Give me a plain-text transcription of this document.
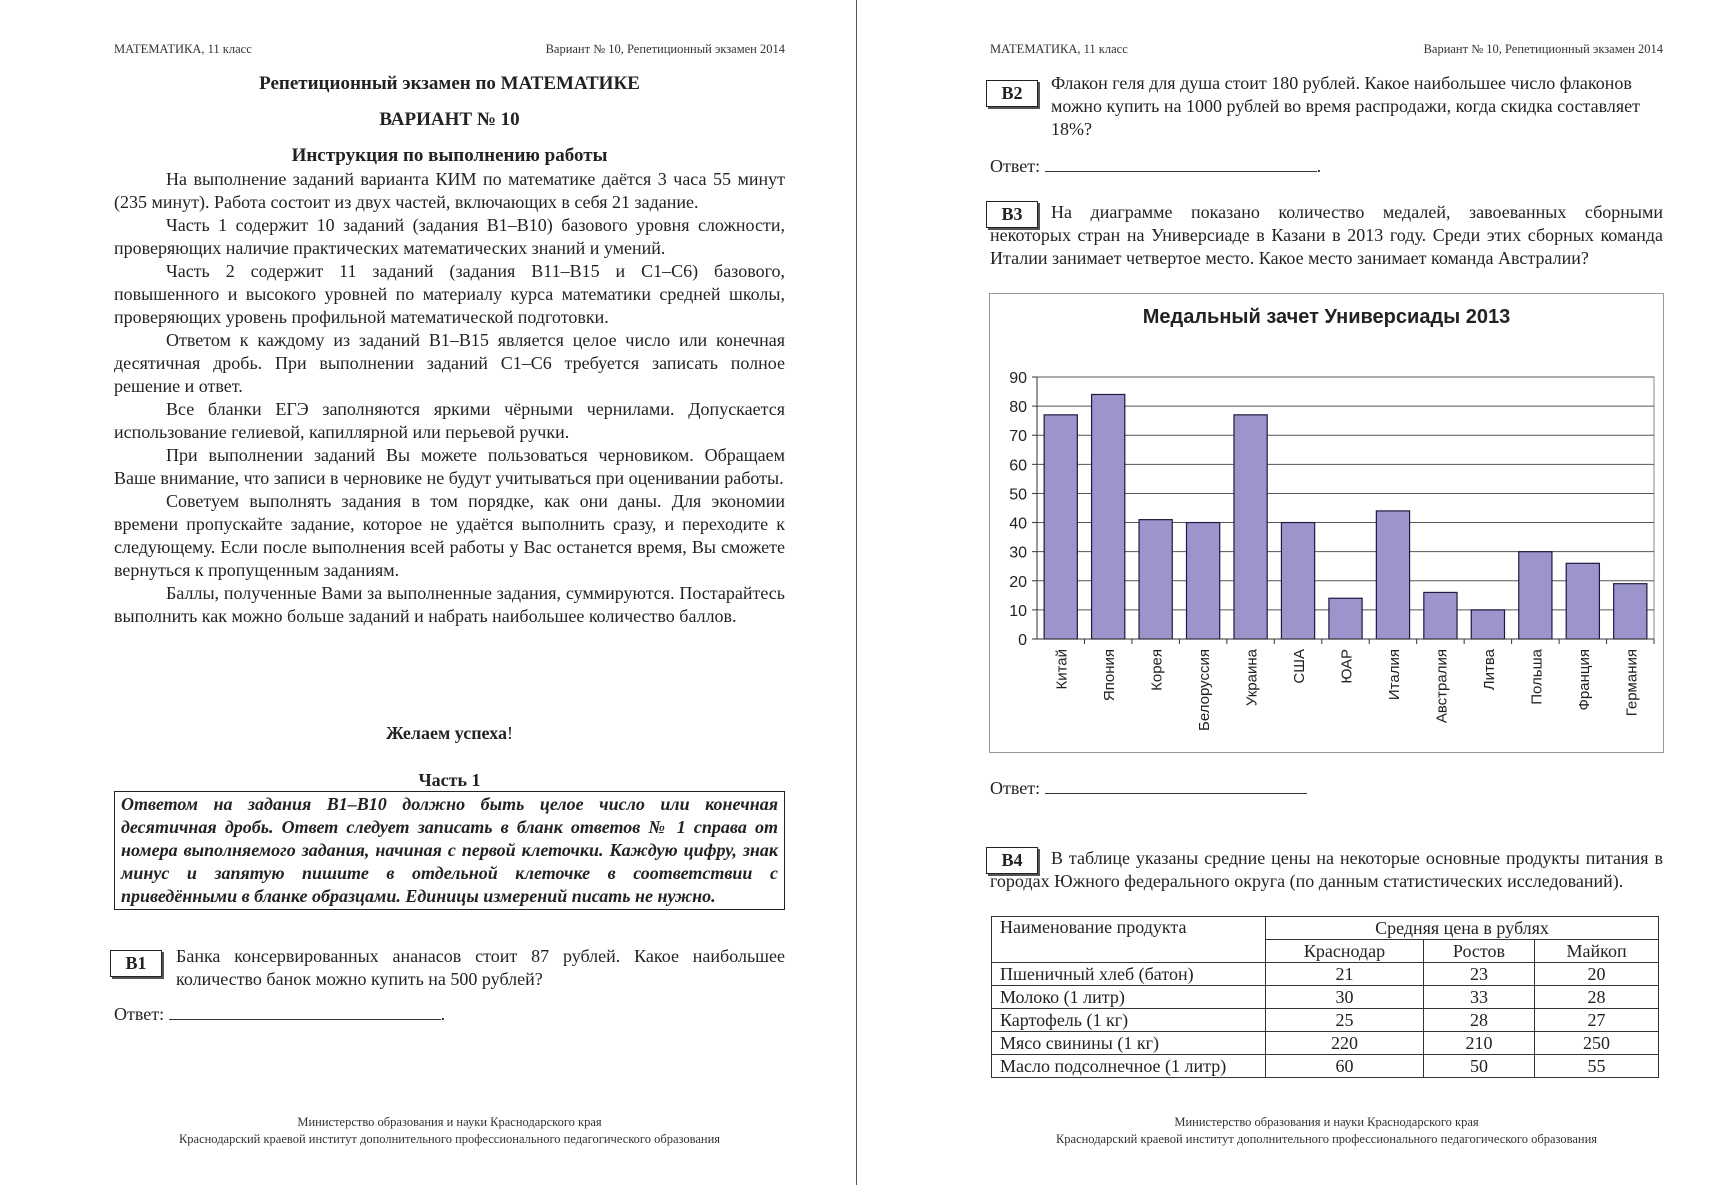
МАТЕМАТИКА, 11 класс	Вариант № 10, Репетиционный экзамен 2014
Репетиционный экзамен по МАТЕМАТИКЕ
ВАРИАНТ № 10
Инструкция по выполнению работы

На выполнение заданий варианта КИМ по математике даётся 3 часа 55 минут (235 минут). Работа состоит из двух частей, включающих в себя 21 задание.

Часть 1 содержит 10 заданий (задания В1–В10) базового уровня сложности, проверяющих наличие практических математических знаний и умений.

Часть 2 содержит 11 заданий (задания В11–В15 и С1–С6) базового, повышенного и высокого уровней по материалу курса математики средней школы, проверяющих уровень профильной математической подготовки.

Ответом к каждому из заданий В1–В15 является целое число или конечная десятичная дробь. При выполнении заданий С1–С6 требуется записать полное решение и ответ.

Все бланки ЕГЭ заполняются яркими чёрными чернилами. Допускается использование гелиевой, капиллярной или перьевой ручки.

При выполнении заданий Вы можете пользоваться черновиком. Обращаем Ваше внимание, что записи в черновике не будут учитываться при оценивании работы.

Советуем выполнять задания в том порядке, как они даны. Для экономии времени пропускайте задание, которое не удаётся выполнить сразу, и переходите к следующему. Если после выполнения всей работы у Вас останется время, Вы сможете вернуться к пропущенным заданиям.

Баллы, полученные Вами за выполненные задания, суммируются. Постарайтесь выполнить как можно больше заданий и набрать наибольшее количество баллов.

Желаем успеха!
Часть 1
Ответом на задания В1–В10 должно быть целое число или конечная десятичная дробь. Ответ следует записать в бланк ответов № 1 справа от номера выполняемого задания, начиная с первой клеточки. Каждую цифру, знак минус и запятую пишите в отдельной клеточке в соответствии с приведёнными в бланке образцами. Единицы измерений писать не нужно.
B1	Банка консервированных ананасов стоит 87 рублей. Какое наибольшее количество банок можно купить на 500 рублей?
Ответ:	.
Министерство образования и науки Краснодарского края
Краснодарский краевой институт дополнительного профессионального педагогического образования
МАТЕМАТИКА, 11 класс	Вариант № 10, Репетиционный экзамен 2014
B2	Флакон геля для душа стоит 180 рублей. Какое наибольшее число флаконов можно купить на 1000 рублей во время распродажи, когда скидка составляет 18%?
Ответ:	.
B3	На диаграмме показано количество медалей, завоеванных сборными некоторых стран на Универсиаде в Казани в 2013 году. Среди этих сборных команда Италии занимает четвертое место. Какое место занимает команда Австралии?
Медальный зачет Универсиады 2013
0
10
20
30
40
50
60
70
80
90
Китай Япония Корея Белоруссия Украина США ЮАР Италия Австралия Литва Польша Франция Германия
Ответ:
B4	В таблице указаны средние цены на некоторые основные продукты питания в городах Южного федерального округа (по данным статистических исследований).
Наименование продукта	Средняя цена в рублях		
	Краснодар	Ростов	Майкоп
Пшеничный хлеб (батон)	21	23	20
Молоко (1 литр)	30	33	28
Картофель (1 кг)	25	28	27
Мясо свинины (1 кг)	220	210	250
Масло подсолнечное (1 литр)	60	50	55
Министерство образования и науки Краснодарского края
Краснодарский краевой институт дополнительного профессионального педагогического образования
